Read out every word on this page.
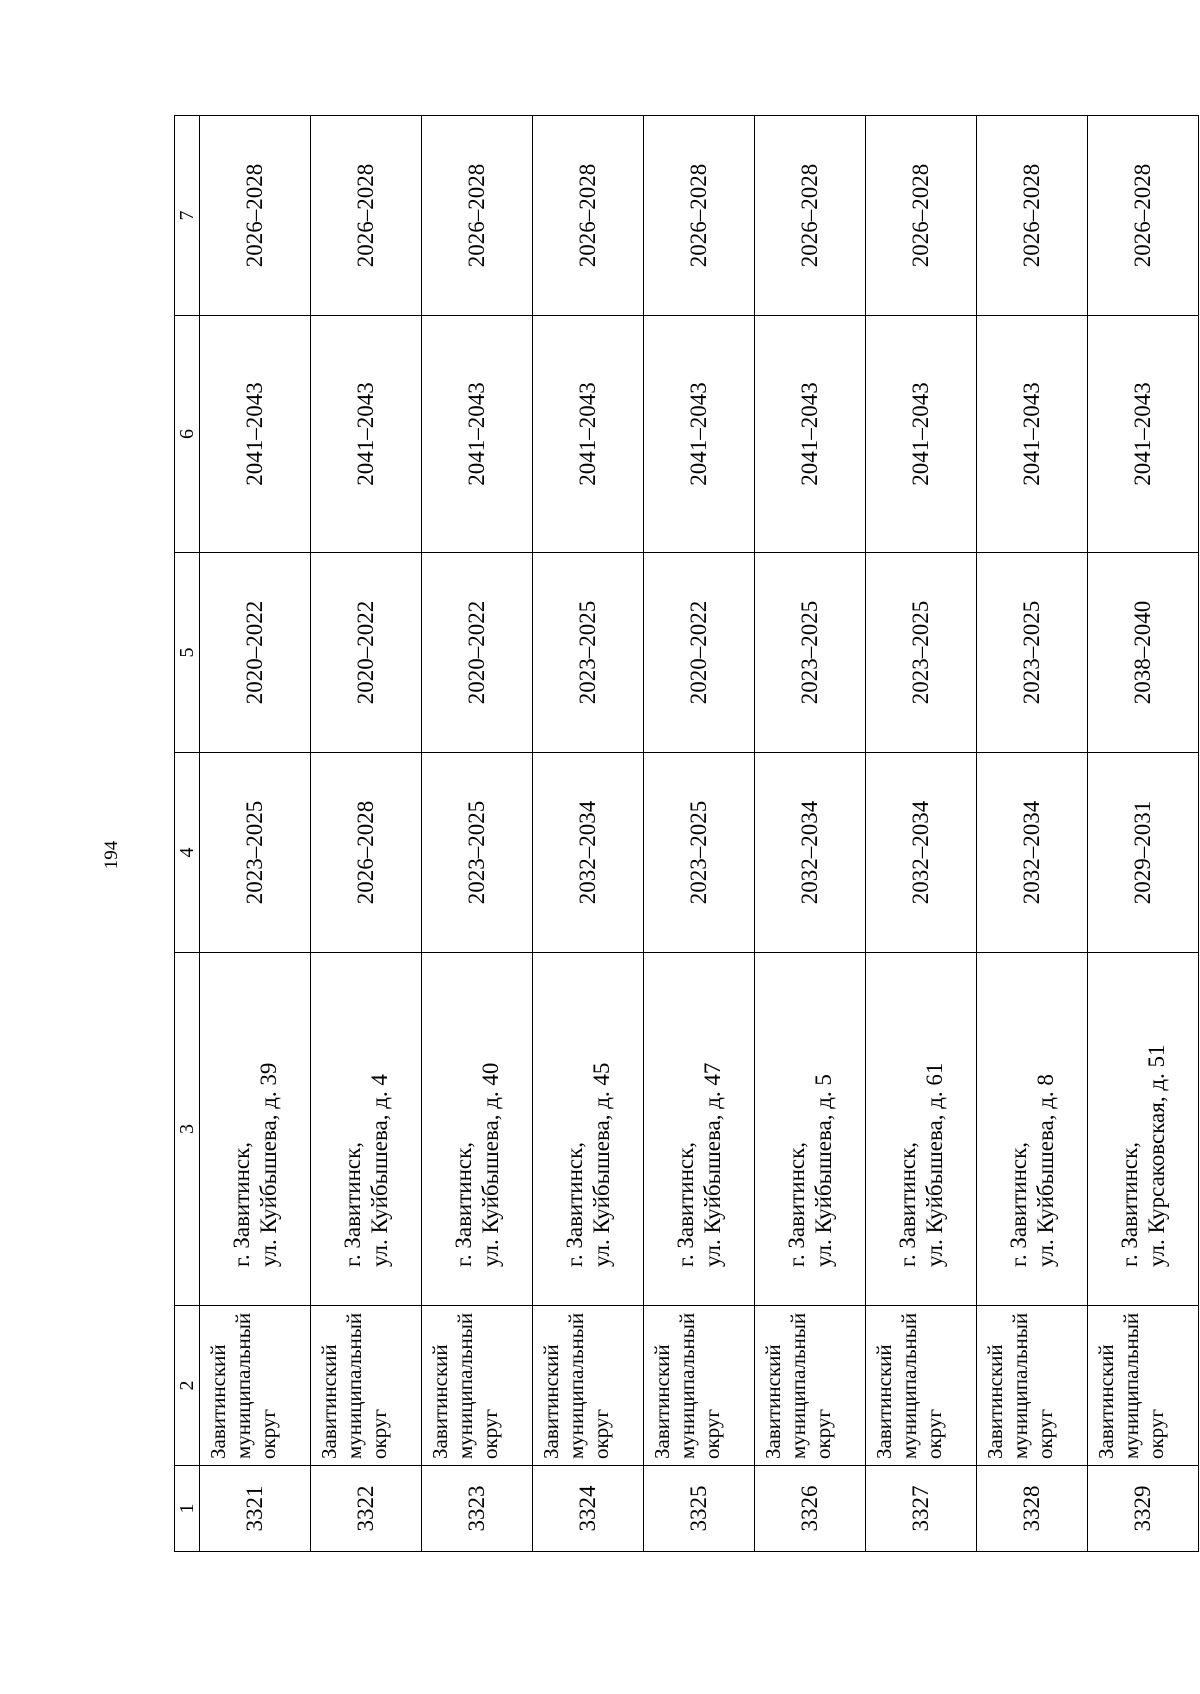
194
1	2	3	4	5	6	7
3321	Завитинский муниципальный округ	г. Завитинск, ул. Куйбышева, д. 39	2023–2025	2020–2022	2041–2043	2026–2028
3322	Завитинский муниципальный округ	г. Завитинск, ул. Куйбышева, д. 4	2026–2028	2020–2022	2041–2043	2026–2028
3323	Завитинский муниципальный округ	г. Завитинск, ул. Куйбышева, д. 40	2023–2025	2020–2022	2041–2043	2026–2028
3324	Завитинский муниципальный округ	г. Завитинск, ул. Куйбышева, д. 45	2032–2034	2023–2025	2041–2043	2026–2028
3325	Завитинский муниципальный округ	г. Завитинск, ул. Куйбышева, д. 47	2023–2025	2020–2022	2041–2043	2026–2028
3326	Завитинский муниципальный округ	г. Завитинск, ул. Куйбышева, д. 5	2032–2034	2023–2025	2041–2043	2026–2028
3327	Завитинский муниципальный округ	г. Завитинск, ул. Куйбышева, д. 61	2032–2034	2023–2025	2041–2043	2026–2028
3328	Завитинский муниципальный округ	г. Завитинск, ул. Куйбышева, д. 8	2032–2034	2023–2025	2041–2043	2026–2028
3329	Завитинский муниципальный округ	г. Завитинск, ул. Курсаковская, д. 51	2029–2031	2038–2040	2041–2043	2026–2028
